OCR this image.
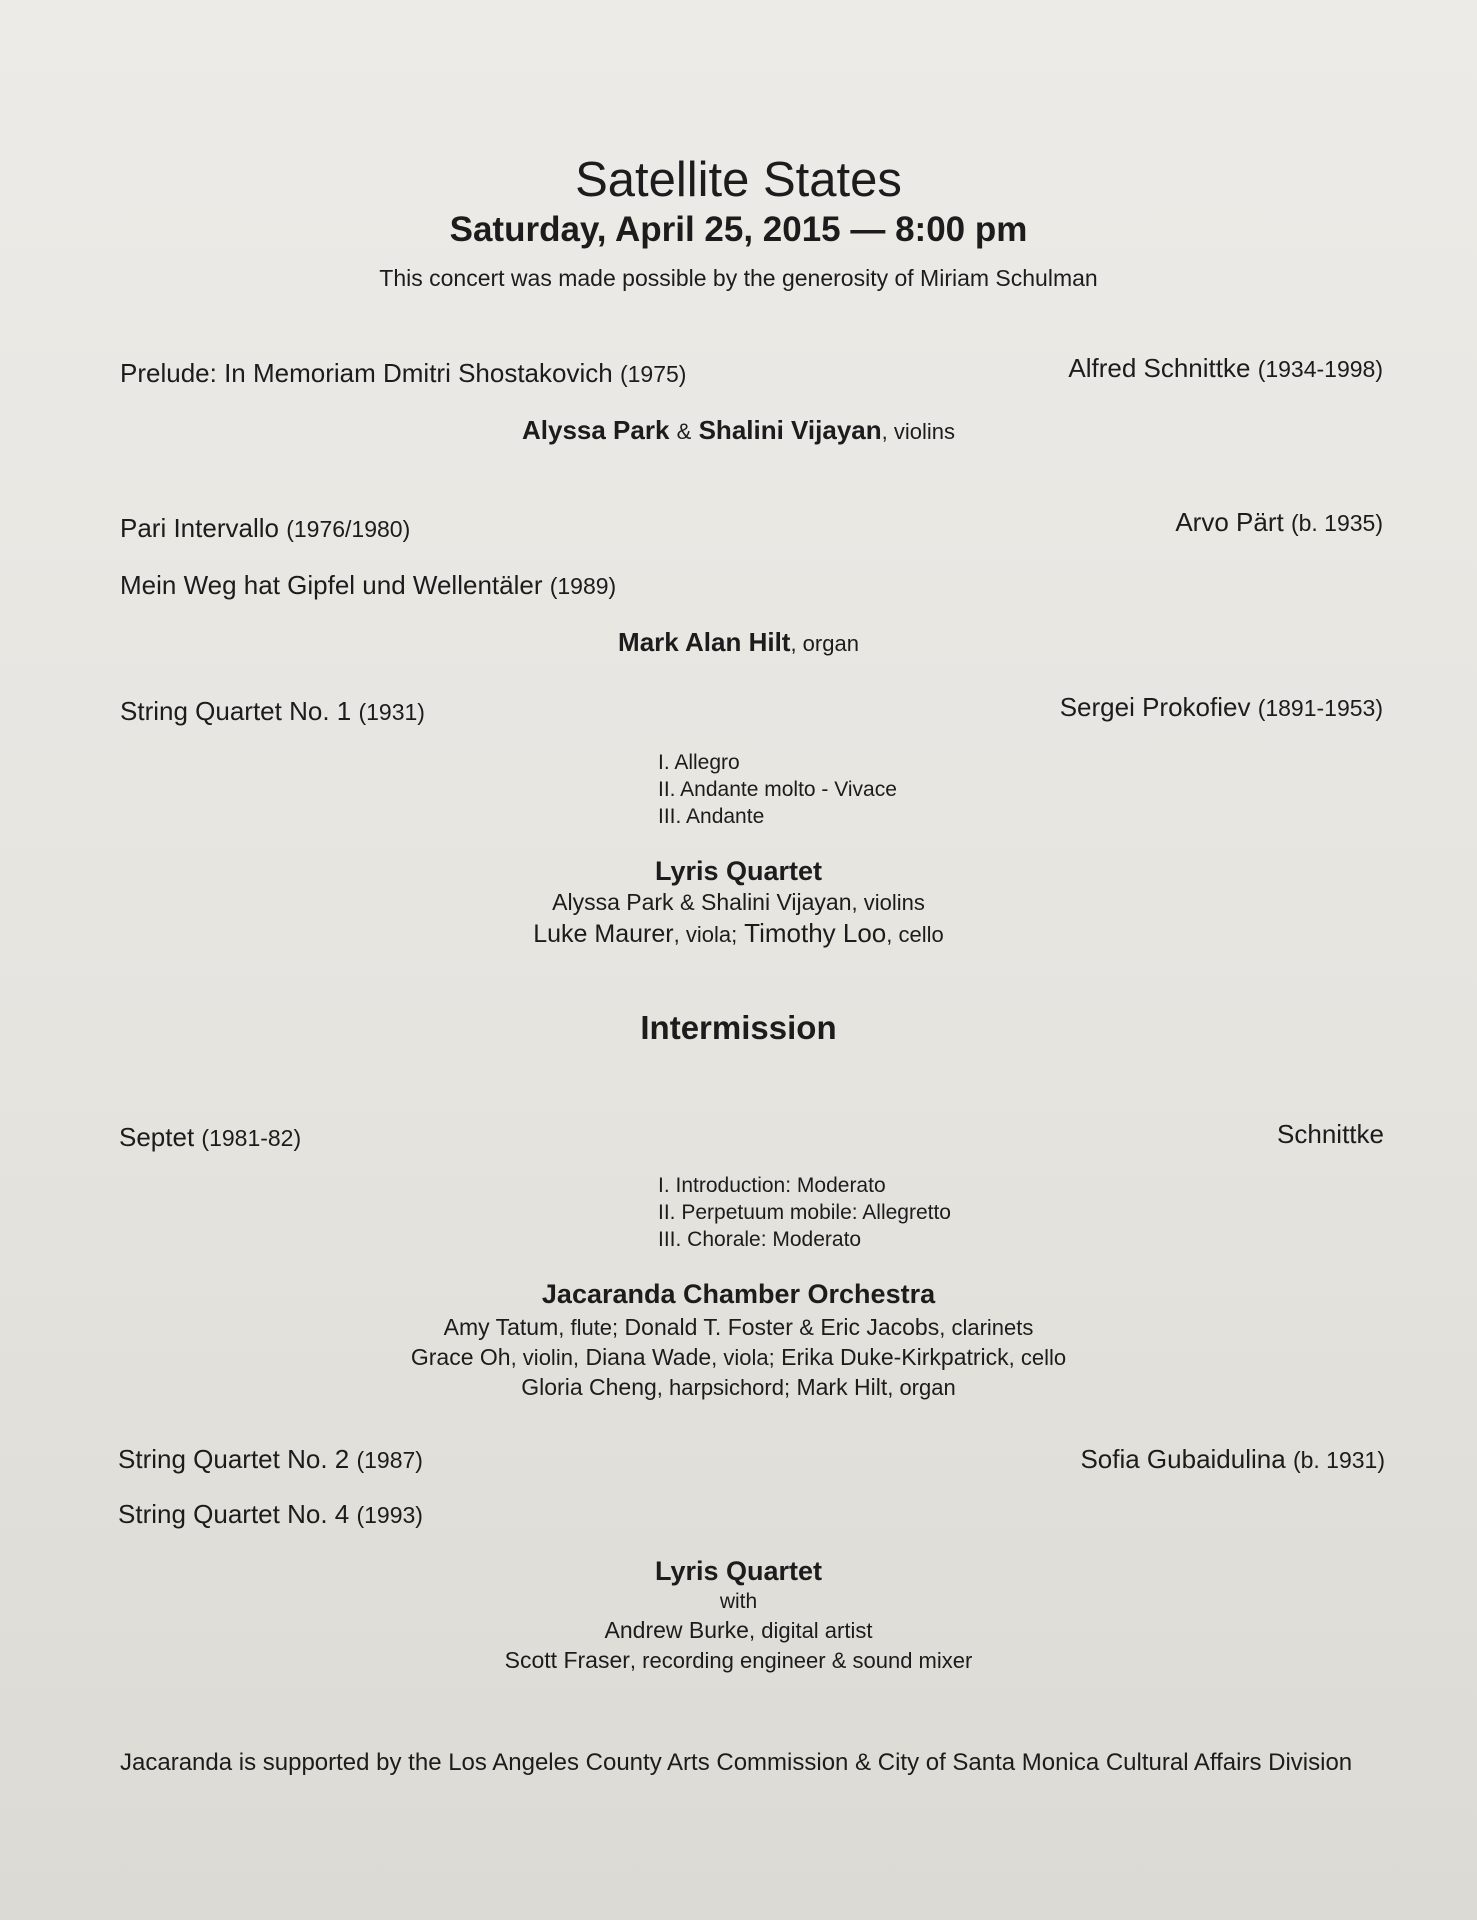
Satellite States
Saturday, April 25, 2015 — 8:00 pm
This concert was made possible by the generosity of Miriam Schulman
Prelude: In Memoriam Dmitri Shostakovich (1975)	Alfred Schnittke (1934-1998)
Alyssa Park & Shalini Vijayan, violins
Pari Intervallo (1976/1980)	Arvo Pärt (b. 1935)
Mein Weg hat Gipfel und Wellentäler (1989)
Mark Alan Hilt, organ
String Quartet No. 1 (1931)	Sergei Prokofiev (1891-1953)
I. Allegro
II. Andante molto - Vivace
III. Andante
Lyris Quartet
Alyssa Park & Shalini Vijayan, violins
Luke Maurer, viola; Timothy Loo, cello
Intermission
Septet (1981-82)	Schnittke
I. Introduction: Moderato
II. Perpetuum mobile: Allegretto
III. Chorale: Moderato
Jacaranda Chamber Orchestra
Amy Tatum, flute; Donald T. Foster & Eric Jacobs, clarinets
Grace Oh, violin, Diana Wade, viola; Erika Duke-Kirkpatrick, cello
Gloria Cheng, harpsichord; Mark Hilt, organ
String Quartet No. 2 (1987)	Sofia Gubaidulina (b. 1931)
String Quartet No. 4 (1993)
Lyris Quartet
with
Andrew Burke, digital artist
Scott Fraser, recording engineer & sound mixer
Jacaranda is supported by the Los Angeles County Arts Commission & City of Santa Monica Cultural Affairs Division
